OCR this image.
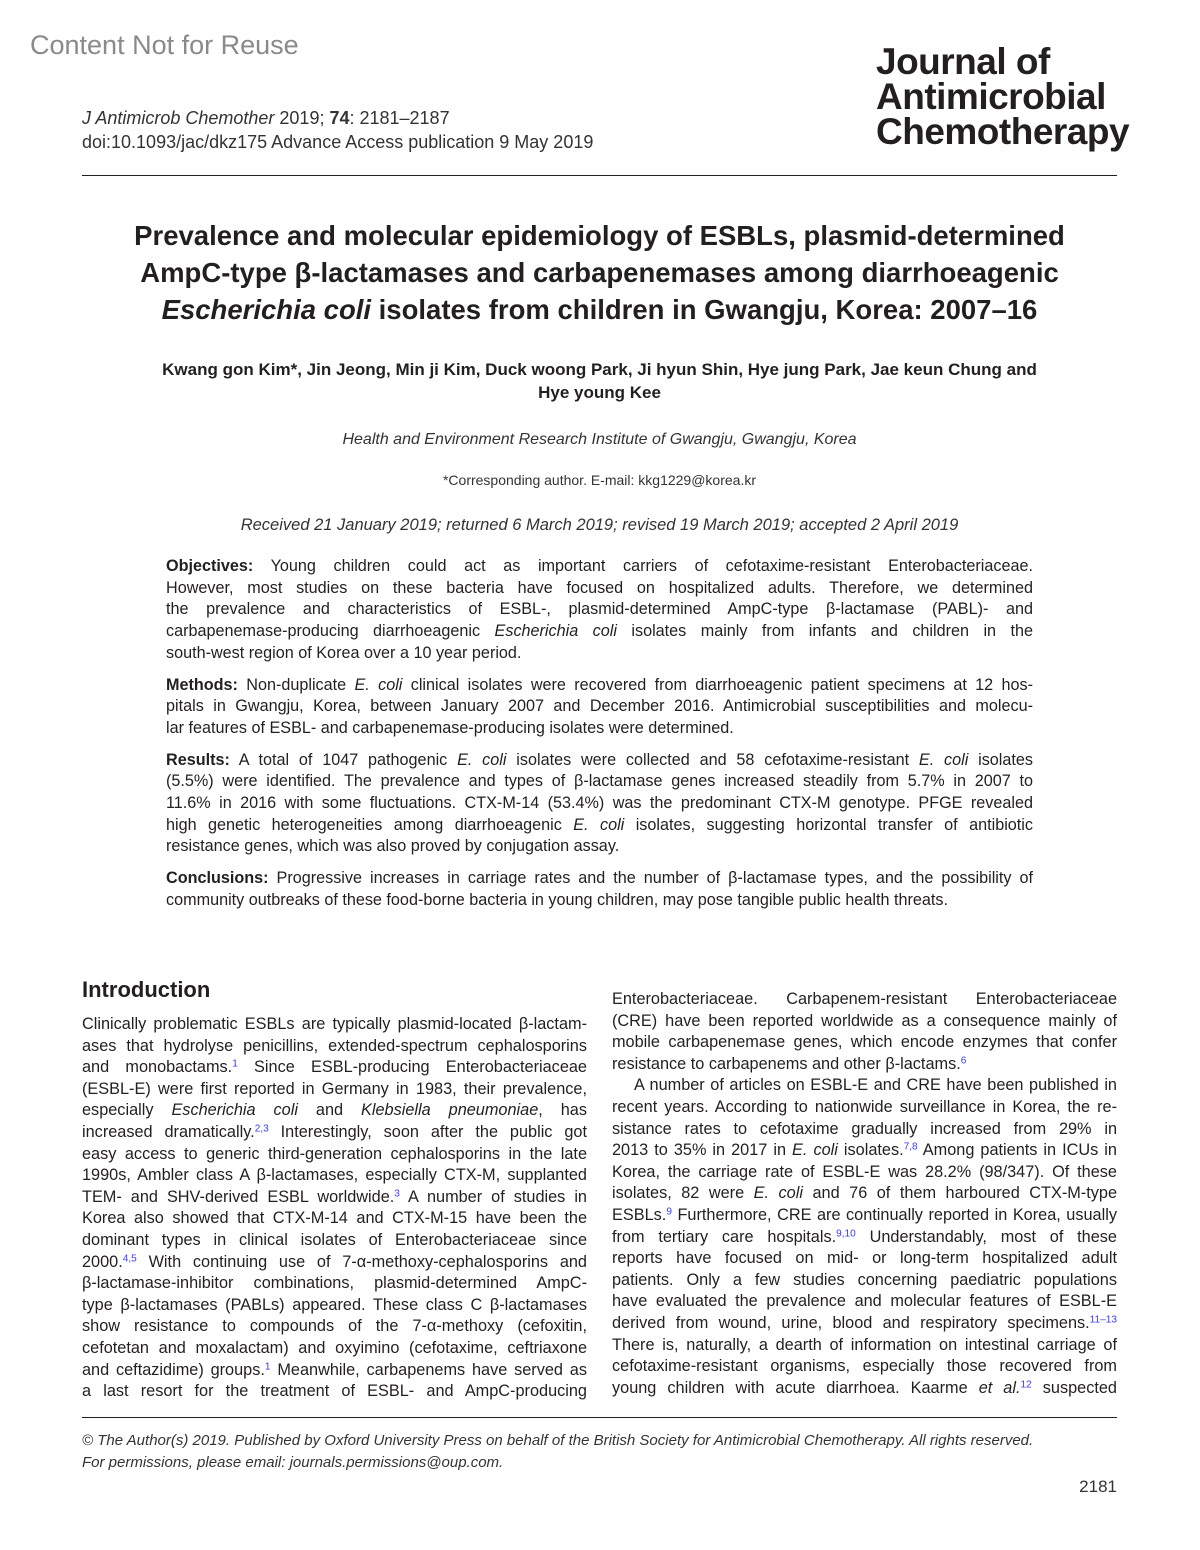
Content Not for Reuse	Journal of
Antimicrobial
Chemotherapy
J Antimicrob Chemother 2019; 74: 2181–2187
doi:10.1093/jac/dkz175 Advance Access publication 9 May 2019
Prevalence and molecular epidemiology of ESBLs, plasmid-determined
AmpC-type β-lactamases and carbapenemases among diarrhoeagenic
Escherichia coli isolates from children in Gwangju, Korea: 2007–16
Kwang gon Kim*, Jin Jeong, Min ji Kim, Duck woong Park, Ji hyun Shin, Hye jung Park, Jae keun Chung and
Hye young Kee
Health and Environment Research Institute of Gwangju, Gwangju, Korea
*Corresponding author. E-mail: kkg1229@korea.kr
Received 21 January 2019; returned 6 March 2019; revised 19 March 2019; accepted 2 April 2019
Objectives: Young children could act as important carriers of cefotaxime-resistant Enterobacteriaceae.
However, most studies on these bacteria have focused on hospitalized adults. Therefore, we determined
the prevalence and characteristics of ESBL-, plasmid-determined AmpC-type β-lactamase (PABL)- and
carbapenemase-producing diarrhoeagenic Escherichia coli isolates mainly from infants and children in the
south-west region of Korea over a 10 year period.
Methods: Non-duplicate E. coli clinical isolates were recovered from diarrhoeagenic patient specimens at 12 hos-
pitals in Gwangju, Korea, between January 2007 and December 2016. Antimicrobial susceptibilities and molecu-
lar features of ESBL- and carbapenemase-producing isolates were determined.
Results: A total of 1047 pathogenic E. coli isolates were collected and 58 cefotaxime-resistant E. coli isolates
(5.5%) were identified. The prevalence and types of β-lactamase genes increased steadily from 5.7% in 2007 to
11.6% in 2016 with some fluctuations. CTX-M-14 (53.4%) was the predominant CTX-M genotype. PFGE revealed
high genetic heterogeneities among diarrhoeagenic E. coli isolates, suggesting horizontal transfer of antibiotic
resistance genes, which was also proved by conjugation assay.
Conclusions: Progressive increases in carriage rates and the number of β-lactamase types, and the possibility of
community outbreaks of these food-borne bacteria in young children, may pose tangible public health threats.
Introduction
Clinically problematic ESBLs are typically plasmid-located β-lactam-
ases that hydrolyse penicillins, extended-spectrum cephalosporins
and monobactams.$^1$ Since ESBL-producing Enterobacteriaceae
(ESBL-E) were first reported in Germany in 1983, their prevalence,
especially Escherichia coli and Klebsiella pneumoniae, has
increased dramatically.$^{2,3}$ Interestingly, soon after the public got
easy access to generic third-generation cephalosporins in the late
1990s, Ambler class A β-lactamases, especially CTX-M, supplanted
TEM- and SHV-derived ESBL worldwide.$^3$ A number of studies in
Korea also showed that CTX-M-14 and CTX-M-15 have been the
dominant types in clinical isolates of Enterobacteriaceae since
2000.$^{4,5}$ With continuing use of 7-α-methoxy-cephalosporins and
β-lactamase-inhibitor combinations, plasmid-determined AmpC-
type β-lactamases (PABLs) appeared. These class C β-lactamases
show resistance to compounds of the 7-α-methoxy (cefoxitin,
cefotetan and moxalactam) and oxyimino (cefotaxime, ceftriaxone
and ceftazidime) groups.$^1$ Meanwhile, carbapenems have served as
a last resort for the treatment of ESBL- and AmpC-producing
Enterobacteriaceae. Carbapenem-resistant Enterobacteriaceae
(CRE) have been reported worldwide as a consequence mainly of
mobile carbapenemase genes, which encode enzymes that confer
resistance to carbapenems and other β-lactams.$^6$
A number of articles on ESBL-E and CRE have been published in
recent years. According to nationwide surveillance in Korea, the re-
sistance rates to cefotaxime gradually increased from 29% in
2013 to 35% in 2017 in E. coli isolates.$^{7,8}$ Among patients in ICUs in
Korea, the carriage rate of ESBL-E was 28.2% (98/347). Of these
isolates, 82 were E. coli and 76 of them harboured CTX-M-type
ESBLs.$^9$ Furthermore, CRE are continually reported in Korea, usually
from tertiary care hospitals.$^{9,10}$ Understandably, most of these
reports have focused on mid- or long-term hospitalized adult
patients. Only a few studies concerning paediatric populations
have evaluated the prevalence and molecular features of ESBL-E
derived from wound, urine, blood and respiratory specimens.$^{11-13}$
There is, naturally, a dearth of information on intestinal carriage of
cefotaxime-resistant organisms, especially those recovered from
young children with acute diarrhoea. Kaarme et al.$^{12}$ suspected
© The Author(s) 2019. Published by Oxford University Press on behalf of the British Society for Antimicrobial Chemotherapy. All rights reserved.
For permissions, please email: journals.permissions@oup.com.
2181
